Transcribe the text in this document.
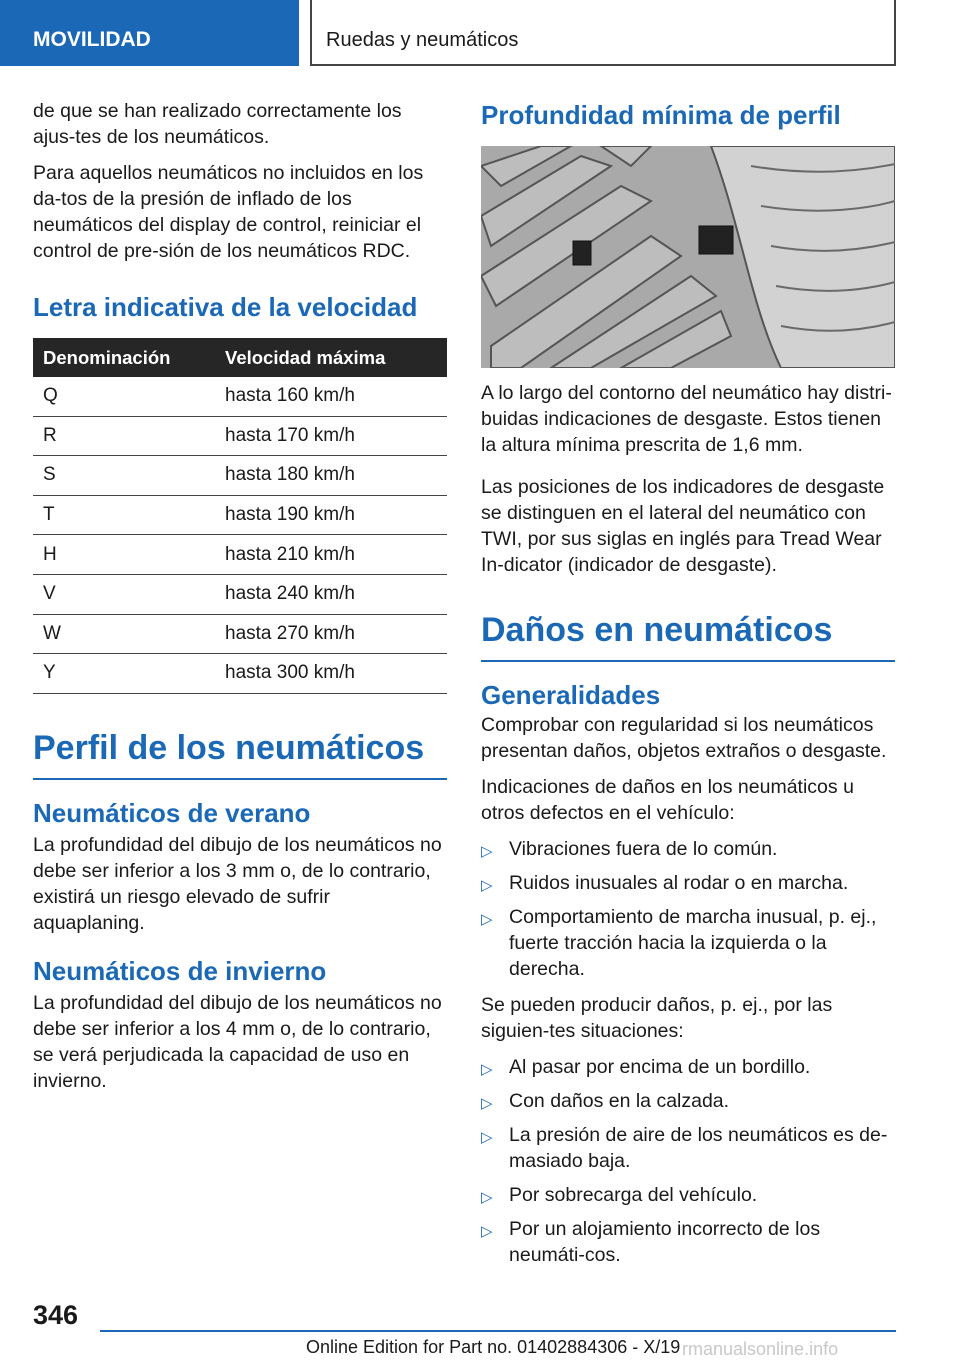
MOVILIDAD	Ruedas y neumáticos

de que se han realizado correctamente los ajus-tes de los neumáticos.

Para aquellos neumáticos no incluidos en los da-tos de la presión de inflado de los neumáticos del display de control, reiniciar el control de pre-sión de los neumáticos RDC.

Letra indicativa de la velocidad
Denominación	Velocidad máxima
Q	hasta 160 km/h
R	hasta 170 km/h
S	hasta 180 km/h
T	hasta 190 km/h
H	hasta 210 km/h
V	hasta 240 km/h
W	hasta 270 km/h
Y	hasta 300 km/h
Perfil de los neumáticos
Neumáticos de verano

La profundidad del dibujo de los neumáticos no debe ser inferior a los 3 mm o, de lo contrario, existirá un riesgo elevado de sufrir aquaplaning.

Neumáticos de invierno

La profundidad del dibujo de los neumáticos no debe ser inferior a los 4 mm o, de lo contrario, se verá perjudicada la capacidad de uso en invierno.

Profundidad mínima de perfil

A lo largo del contorno del neumático hay distri-buidas indicaciones de desgaste. Estos tienen la altura mínima prescrita de 1,6 mm.

Las posiciones de los indicadores de desgaste se distinguen en el lateral del neumático con TWI, por sus siglas en inglés para Tread Wear In-dicator (indicador de desgaste).

Daños en neumáticos
Generalidades

Comprobar con regularidad si los neumáticos presentan daños, objetos extraños o desgaste.

Indicaciones de daños en los neumáticos u otros defectos en el vehículo:

▷ Vibraciones fuera de lo común.
▷ Ruidos inusuales al rodar o en marcha.
▷ Comportamiento de marcha inusual, p. ej., fuerte tracción hacia la izquierda o la derecha.

Se pueden producir daños, p. ej., por las siguien-tes situaciones:

▷ Al pasar por encima de un bordillo.
▷ Con daños en la calzada.
▷ La presión de aire de los neumáticos es de-masiado baja.
▷ Por sobrecarga del vehículo.
▷ Por un alojamiento incorrecto de los neumáti-cos.
346
Online Edition for Part no. 01402884306 - X/19 rmanualsonline.info
